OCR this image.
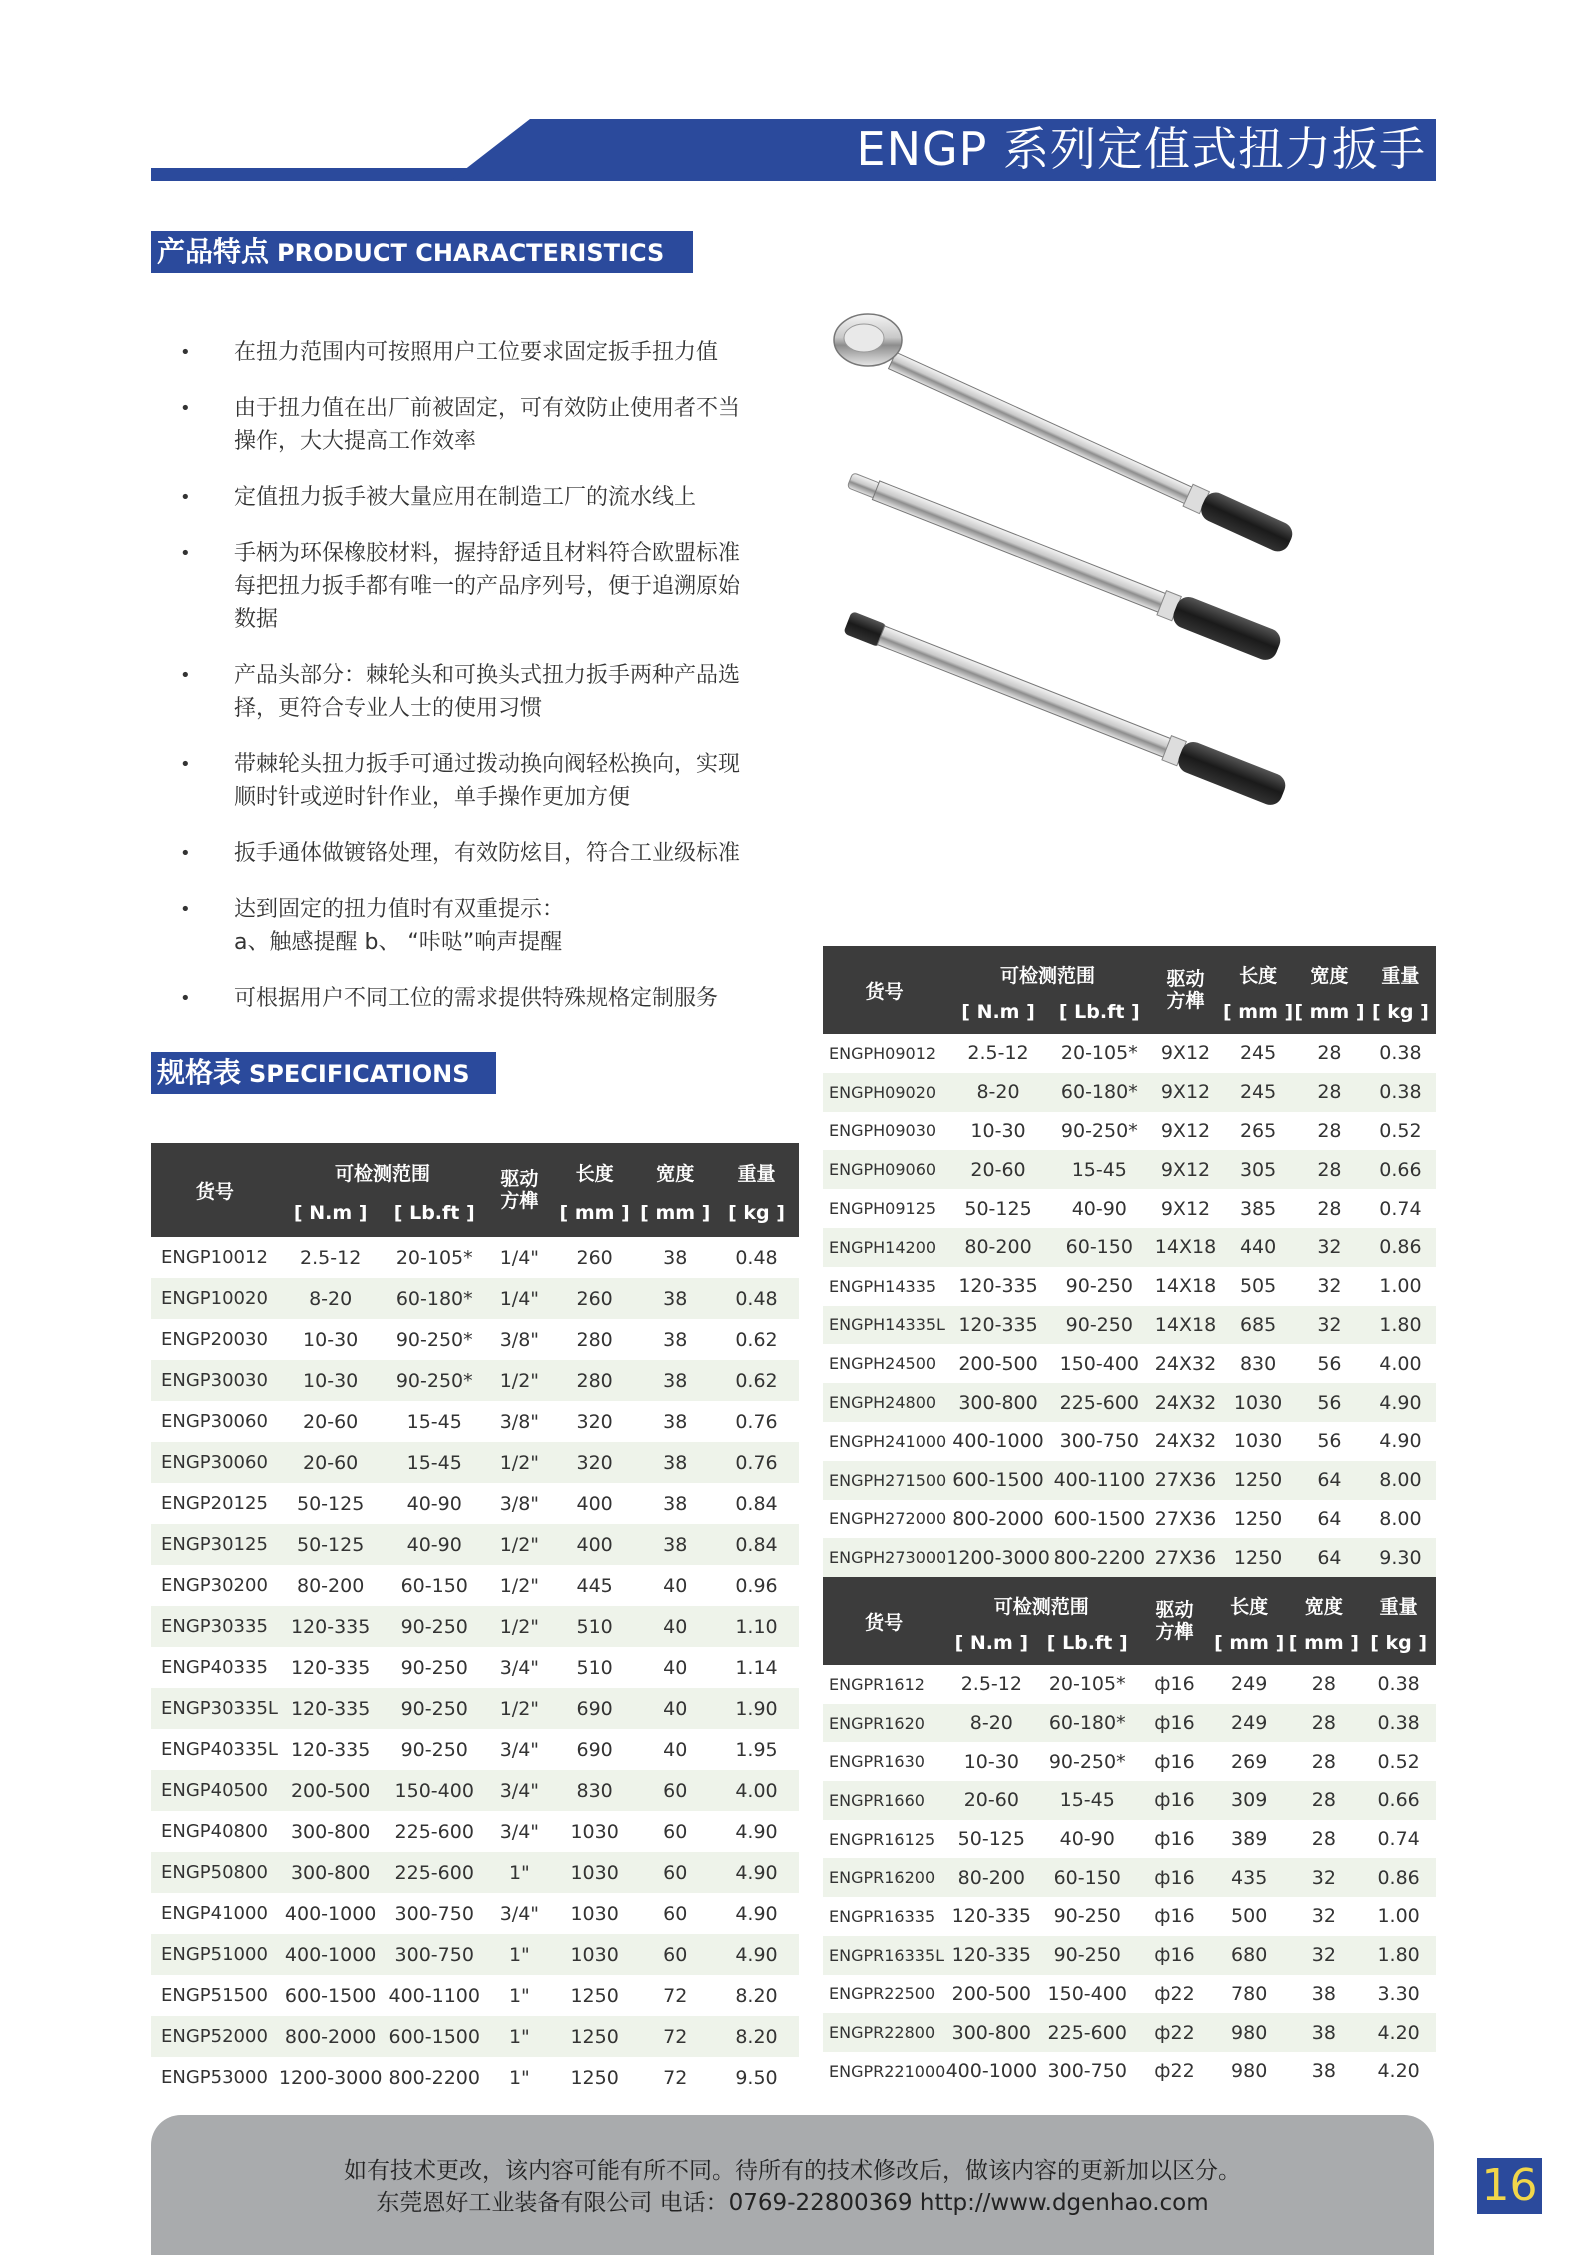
ENGP 系列定值式扭力扳手
产品特点 PRODUCT CHARACTERISTICS
• 在扭力范围内可按照用户工位要求固定扳手扭力值
• 由于扭力值在出厂前被固定，可有效防止使用者不当
操作，大大提高工作效率
• 定值扭力扳手被大量应用在制造工厂的流水线上
• 手柄为环保橡胶材料，握持舒适且材料符合欧盟标准
每把扭力扳手都有唯一的产品序列号，便于追溯原始
数据
• 产品头部分：棘轮头和可换头式扭力扳手两种产品选
择，更符合专业人士的使用习惯
• 带棘轮头扭力扳手可通过拨动换向阀轻松换向，实现
顺时针或逆时针作业，单手操作更加方便
• 扳手通体做镀铬处理，有效防炫目，符合工业级标准
• 达到固定的扭力值时有双重提示：
a、触感提醒 b、 “咔哒”响声提醒
• 可根据用户不同工位的需求提供特殊规格定制服务
规格表 SPECIFICATIONS
货号	可检测范围		驱动
方榫	长度	宽度	重量
	[ N.m ]	[ Lb.ft ]		[ mm ]	[ mm ]	[ kg ]
ENGP10012	2.5-12	20-105*	1/4"	260	38	0.48
ENGP10020	8-20	60-180*	1/4"	260	38	0.48
ENGP20030	10-30	90-250*	3/8"	280	38	0.62
ENGP30030	10-30	90-250*	1/2"	280	38	0.62
ENGP30060	20-60	15-45	3/8"	320	38	0.76
ENGP30060	20-60	15-45	1/2"	320	38	0.76
ENGP20125	50-125	40-90	3/8"	400	38	0.84
ENGP30125	50-125	40-90	1/2"	400	38	0.84
ENGP30200	80-200	60-150	1/2"	445	40	0.96
ENGP30335	120-335	90-250	1/2"	510	40	1.10
ENGP40335	120-335	90-250	3/4"	510	40	1.14
ENGP30335L	120-335	90-250	1/2"	690	40	1.90
ENGP40335L	120-335	90-250	3/4"	690	40	1.95
ENGP40500	200-500	150-400	3/4"	830	60	4.00
ENGP40800	300-800	225-600	3/4"	1030	60	4.90
ENGP50800	300-800	225-600	1"	1030	60	4.90
ENGP41000	400-1000	300-750	3/4"	1030	60	4.90
ENGP51000	400-1000	300-750	1"	1030	60	4.90
ENGP51500	600-1500	400-1100	1"	1250	72	8.20
ENGP52000	800-2000	600-1500	1"	1250	72	8.20
ENGP53000	1200-3000	800-2200	1"	1250	72	9.50
货号	可检测范围		驱动
方榫	长度	宽度	重量
	[ N.m ]	[ Lb.ft ]		[ mm ]	[ mm ]	[ kg ]
ENGPH09012	2.5-12	20-105*	9X12	245	28	0.38
ENGPH09020	8-20	60-180*	9X12	245	28	0.38
ENGPH09030	10-30	90-250*	9X12	265	28	0.52
ENGPH09060	20-60	15-45	9X12	305	28	0.66
ENGPH09125	50-125	40-90	9X12	385	28	0.74
ENGPH14200	80-200	60-150	14X18	440	32	0.86
ENGPH14335	120-335	90-250	14X18	505	32	1.00
ENGPH14335L	120-335	90-250	14X18	685	32	1.80
ENGPH24500	200-500	150-400	24X32	830	56	4.00
ENGPH24800	300-800	225-600	24X32	1030	56	4.90
ENGPH241000	400-1000	300-750	24X32	1030	56	4.90
ENGPH271500	600-1500	400-1100	27X36	1250	64	8.00
ENGPH272000	800-2000	600-1500	27X36	1250	64	8.00
ENGPH273000	1200-3000	800-2200	27X36	1250	64	9.30
货号	可检测范围		驱动
方榫	长度	宽度	重量
	[ N.m ]	[ Lb.ft ]		[ mm ]	[ mm ]	[ kg ]
ENGPR1612	2.5-12	20-105*	ф16	249	28	0.38
ENGPR1620	8-20	60-180*	ф16	249	28	0.38
ENGPR1630	10-30	90-250*	ф16	269	28	0.52
ENGPR1660	20-60	15-45	ф16	309	28	0.66
ENGPR16125	50-125	40-90	ф16	389	28	0.74
ENGPR16200	80-200	60-150	ф16	435	32	0.86
ENGPR16335	120-335	90-250	ф16	500	32	1.00
ENGPR16335L	120-335	90-250	ф16	680	32	1.80
ENGPR22500	200-500	150-400	ф22	780	38	3.30
ENGPR22800	300-800	225-600	ф22	980	38	4.20
ENGPR221000	400-1000	300-750	ф22	980	38	4.20
如有技术更改，该内容可能有所不同。待所有的技术修改后，做该内容的更新加以区分。
东莞恩好工业装备有限公司 电话：0769-22800369 http://www.dgenhao.com	16
